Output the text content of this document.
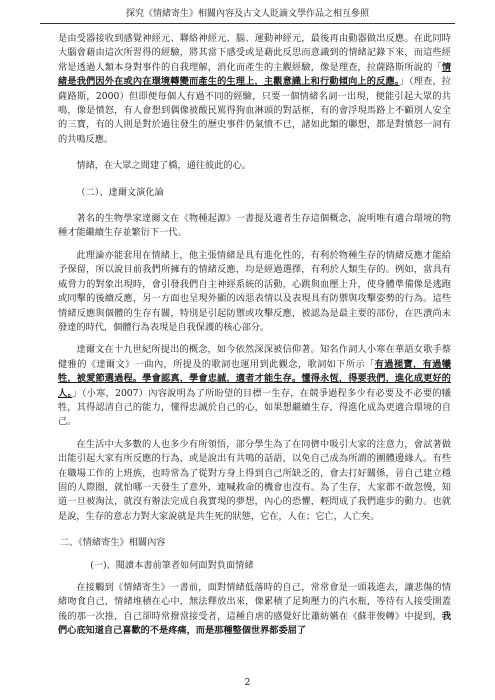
探究《情緒寄生》相關內容及古文人貶謫文學作品之相互參照

是由受器接收到感覺神經元、聯絡神經元、腦、運動神經元，最後再由動器做出反應。在此同時大腦會藉由這次所習得的經驗，將其當下感受或是藉此反思而意識到的情緒記錄下來，而這些經常是透過人類本身對事件的自我理解，消化而產生的主觀經驗，像是理查，拉薩路斯所說的「情緒是我們因外在或內在環境轉變而產生的生理上，主觀意識上和行動傾向上的反應。」（理查，拉薩路斯，2000）但即便每個人有過不同的經驗，只要一個情緒名詞一出現，便能引起大眾的共鳴，像是憤怒，有人會想到偶像被酸民駡得狗血淋頭的對話框，有的會浮現馬路上不顧別人安全的三寶，有的人則是對於過往發生的歷史事件仍氣憤不已，諸如此類的聯想，都是對憤怒一詞有的共鳴反應。

情緒，在大眾之間建了橋，通往彼此的心。

（二）、達爾文演化論

著名的生物學家達爾文在《物種起源》一書提及適者生存這個概念，說明唯有適合環境的物種才能繼續生存並繁衍下一代。

此理論亦能套用在情緒上，他主張情緒是具有進化性的，有利於物種生存的情緒反應才能給予保留，所以說目前我們所擁有的情緒反應，均是經過選擇，有利於人類生存的。例如，當具有威脅力的對象出現時，會引發我們自主神經系統的活動，心跳與血壓上升，使身體準備像是逃跑或同擊的後續反應，另一方面也呈現外顯的凶惡表情以及表現具有防禦與攻擊姿勢的行為。這些情緒反應與個體的生存有關，特別是引起防禦或攻擊反應，被認為是最主要的部份，在匹潰尚未發達的時代，個體行為表現是自我保護的核心部分。

達爾文在十九世紀所提出的概念，如今依然深深被信仰著。知名作詞人小寒在華語女歌手蔡健雅的《達爾文》一曲內，所提及的歌詞也運用到此觀念，歌詞如下所示「有過褪寶，有過犧牲，被愛節選過程。學會認真，學會忠誠，適者才能生存。懂得永恆，得要我們，進化成更好的人。」（小寒，2007）內容說明為了所盼望的目標一生存，在競爭過程多少有必要及不必要的犧牲，其得認清自己的能力，懂得忠誠於自己的心，如果想繼續生存，得進化成為更適合環境的自己。

在生活中大多數的人也多少有所領悟，部分學生為了在同儕中吸引大家的注意力，會試著做出能引起大家有所反應的行為，或是說出有共鳴的話語，以免自己成為所謂的團體邊緣人。有些在職場工作的上班族，也時常為了從對方身上得到自己所缺乏的，會去打好關係，晉自己建立穩固的人際圈，就怕哪一天發生了意外，連喊救命的機會也沒有。為了生存，大家都不敢忽慢，知道一旦被淘汰，就沒有辦法完成自我實現的夢想，內心的恐懼，輕問成了我們進步的動力。也就是說，生存的意志力對大家說就是共生死的狀態，它在，人在；它亡，人亡矣。

二、《情緒寄生》相關內容

(一)、閱讀本書前筆者如何面對負面情緒

在接觸到《情緒寄生》一書前，面對情緒低落時的自己，常常會是一頭栽進去，讓悲傷的情緒吻食自己，情緒堆積在心中，無法釋放出來，像累積了足夠壓力的汽水瓶，等待有人接受開蓋後的那一次推，自己卻時常撥當接受者，這種自虐的感覺好比蕭紡嬿在《蘇菲俊轉》中提到，我們心底知道自己喜歡的不是疼痛，而是那種整個世界都委屈了

2
